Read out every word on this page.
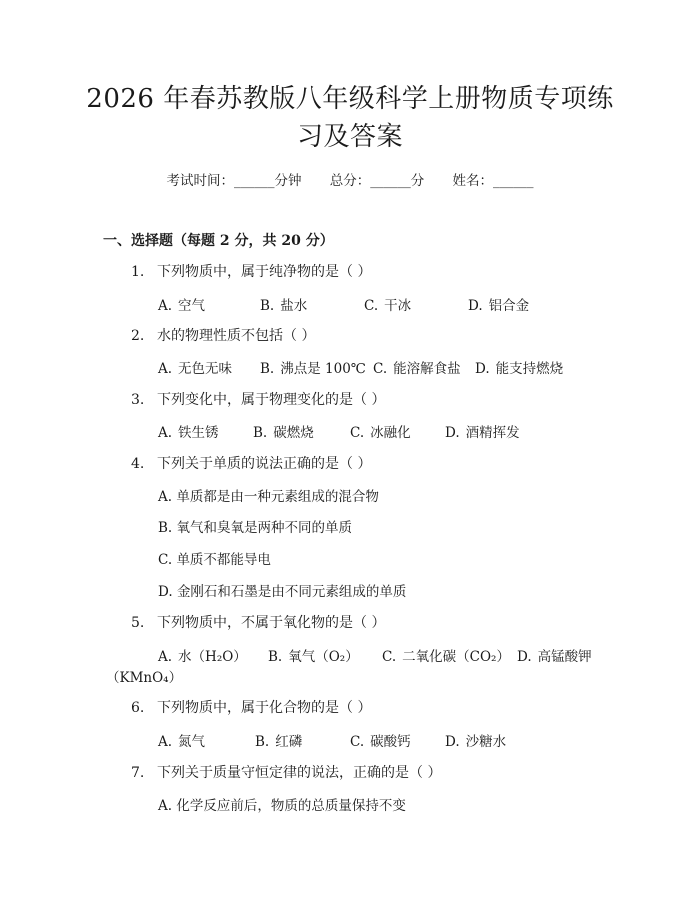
2026 年春苏教版八年级科学上册物质专项练
习及答案
考试时间：______分钟 总分：______分 姓名：______
一、选择题（每题 2 分，共 20 分）
1. 下列物质中，属于纯净物的是（ ）
A. 空气	B. 盐水	C. 干冰	D. 铝合金
2. 水的物理性质不包括（ ）
A. 无色无味 B. 沸点是 100℃ C. 能溶解食盐 D. 能支持燃烧
3. 下列变化中，属于物理变化的是（ ）
A. 铁生锈	B. 碳燃烧	C. 冰融化	D. 酒精挥发
4. 下列关于单质的说法正确的是（ ）
A. 单质都是由一种元素组成的混合物
B. 氧气和臭氧是两种不同的单质
C. 单质不都能导电
D. 金刚石和石墨是由不同元素组成的单质
5. 下列物质中，不属于氧化物的是（ ）
A. 水（H₂O） B. 氧气（O₂） C. 二氧化碳（CO₂） D. 高锰酸钾
（KMnO₄）
6. 下列物质中，属于化合物的是（ ）
A. 氮气	B. 红磷	C. 碳酸钙	D. 沙糖水
7. 下列关于质量守恒定律的说法，正确的是（ ）
A. 化学反应前后，物质的总质量保持不变
